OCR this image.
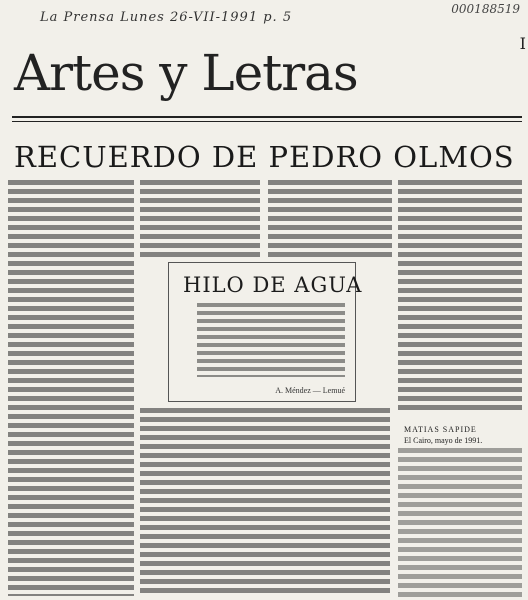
La Prensa Lunes 26-VII-1991 p. 5
000188519
Artes y Letras
I
RECUERDO DE PEDRO OLMOS
HILO DE AGUA
A. Méndez — Lemué
MATIAS SAPIDE
El Cairo, mayo de 1991.
